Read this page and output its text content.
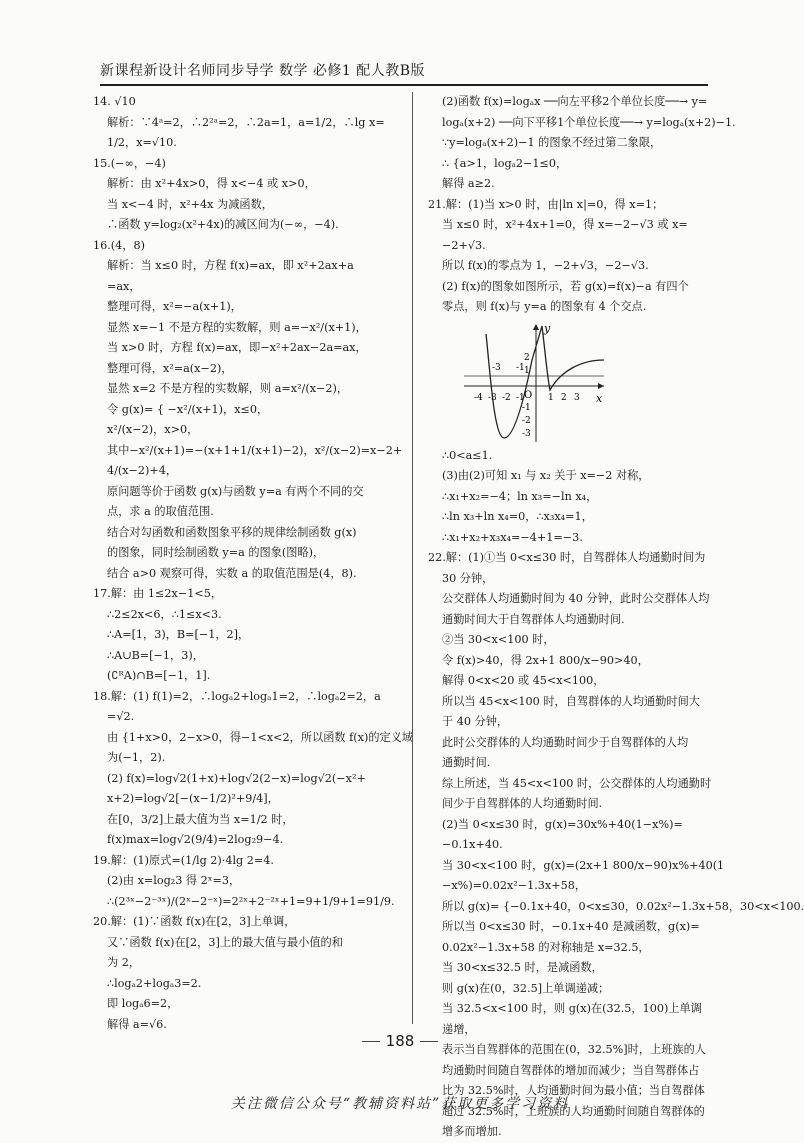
新课程新设计名师同步导学 数学 必修1 配人教B版
14. √10
解析：∵4ᵃ=2，∴2²ᵃ=2，∴2a=1，a=1/2，∴lg x=
1/2，x=√10.
15.(−∞，−4)
解析：由 x²+4x>0，得 x<−4 或 x>0，
当 x<−4 时，x²+4x 为减函数，
∴函数 y=log₂(x²+4x)的减区间为(−∞，−4).
16.(4，8)
解析：当 x≤0 时，方程 f(x)=ax，即 x²+2ax+a
=ax，
整理可得，x²=−a(x+1)，
显然 x=−1 不是方程的实数解，则 a=−x²/(x+1)，
当 x>0 时，方程 f(x)=ax，即−x²+2ax−2a=ax，
整理可得，x²=a(x−2)，
显然 x=2 不是方程的实数解，则 a=x²/(x−2)，
令 g(x)= { −x²/(x+1)，x≤0，
x²/(x−2)，x>0，
其中−x²/(x+1)=−(x+1+1/(x+1)−2)，x²/(x−2)=x−2+
4/(x−2)+4，
原问题等价于函数 g(x)与函数 y=a 有两个不同的交
点，求 a 的取值范围.
结合对勾函数和函数图象平移的规律绘制函数 g(x)
的图象，同时绘制函数 y=a 的图象(图略)，
结合 a>0 观察可得，实数 a 的取值范围是(4，8).
17.解：由 1≤2x−1<5，
∴2≤2x<6，∴1≤x<3.
∴A=[1，3)，B=[−1，2]，
∴A∪B=[−1，3)，
(∁ᴿA)∩B=[−1，1].
18.解：(1) f(1)=2，∴logₐ2+logₐ1=2，∴logₐ2=2，a
=√2.
由 {1+x>0，2−x>0，得−1<x<2，所以函数 f(x)的定义域
为(−1，2).
(2) f(x)=log√2(1+x)+log√2(2−x)=log√2(−x²+
x+2)=log√2[−(x−1/2)²+9/4]，
在[0，3/2]上最大值为当 x=1/2 时，
f(x)max=log√2(9/4)=2log₂9−4.
19.解：(1)原式=(1/lg 2)·4lg 2=4.
(2)由 x=log₂3 得 2ˣ=3，
∴(2³ˣ−2⁻³ˣ)/(2ˣ−2⁻ˣ)=2²ˣ+2⁻²ˣ+1=9+1/9+1=91/9.
20.解：(1)∵函数 f(x)在[2，3]上单调，
又∵函数 f(x)在[2，3]上的最大值与最小值的和
为 2，
∴logₐ2+logₐ3=2.
即 logₐ6=2，
解得 a=√6.
(2)函数 f(x)=logₐx ──向左平移2个单位长度──→ y=
logₐ(x+2) ──向下平移1个单位长度──→ y=logₐ(x+2)−1.
∵y=logₐ(x+2)−1 的图象不经过第二象限，
∴ {a>1，logₐ2−1≤0，
解得 a≥2.
21.解：(1)当 x>0 时，由|ln x|=0，得 x=1；
当 x≤0 时，x²+4x+1=0，得 x=−2−√3 或 x=
−2+√3.
所以 f(x)的零点为 1，−2+√3，−2−√3.
(2) f(x)的图象如图所示，若 g(x)=f(x)−a 有四个
零点，则 f(x)与 y=a 的图象有 4 个交点.
y
x
O
-4 -3 -2 -1	1 2 3
2
1
-1
-2
-3
-3 -1
∴0<a≤1.
(3)由(2)可知 x₁ 与 x₂ 关于 x=−2 对称，
∴x₁+x₂=−4；ln x₃=−ln x₄，
∴ln x₃+ln x₄=0，∴x₃x₄=1，
∴x₁+x₂+x₃x₄=−4+1=−3.
22.解：(1)①当 0<x≤30 时，自驾群体人均通勤时间为
30 分钟，
公交群体人均通勤时间为 40 分钟，此时公交群体人均
通勤时间大于自驾群体人均通勤时间.
②当 30<x<100 时，
令 f(x)>40，得 2x+1 800/x−90>40，
解得 0<x<20 或 45<x<100，
所以当 45<x<100 时，自驾群体的人均通勤时间大
于 40 分钟，
此时公交群体的人均通勤时间少于自驾群体的人均
通勤时间.
综上所述，当 45<x<100 时，公交群体的人均通勤时
间少于自驾群体的人均通勤时间.
(2)当 0<x≤30 时，g(x)=30x%+40(1−x%)=
−0.1x+40.
当 30<x<100 时，g(x)=(2x+1 800/x−90)x%+40(1
−x%)=0.02x²−1.3x+58，
所以 g(x)= {−0.1x+40，0<x≤30，0.02x²−1.3x+58，30<x<100.
所以当 0<x≤30 时，−0.1x+40 是减函数，g(x)=
0.02x²−1.3x+58 的对称轴是 x=32.5，
当 30<x≤32.5 时，是减函数，
则 g(x)在(0，32.5]上单调递减；
当 32.5<x<100 时，则 g(x)在(32.5，100)上单调
递增，
表示当自驾群体的范围在(0，32.5%]时，上班族的人
均通勤时间随自驾群体的增加而减少；当自驾群体占
比为 32.5%时，人均通勤时间为最小值；当自驾群体
超过 32.5%时，上班族的人均通勤时间随自驾群体的
增多而增加.
188
关注微信公众号“教辅资料站”获取更多学习资料
